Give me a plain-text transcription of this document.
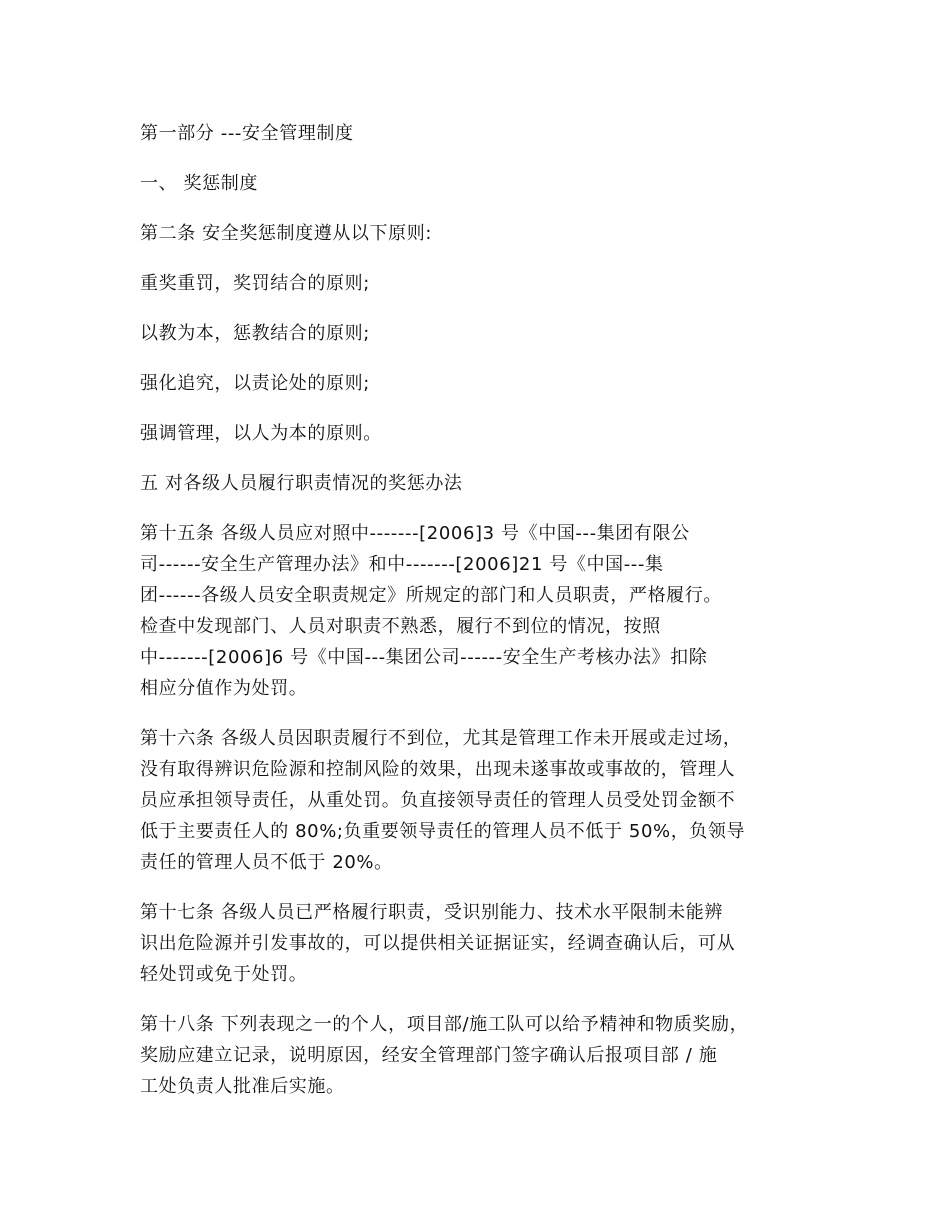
第一部分 ---安全管理制度

一、 奖惩制度

第二条 安全奖惩制度遵从以下原则:

重奖重罚，奖罚结合的原则;

以教为本，惩教结合的原则;

强化追究，以责论处的原则;

强调管理，以人为本的原则。

五 对各级人员履行职责情况的奖惩办法

第十五条 各级人员应对照中-------[2006]3 号《中国---集团有限公
司------安全生产管理办法》和中-------[2006]21 号《中国---集
团------各级人员安全职责规定》所规定的部门和人员职责，严格履行。
检查中发现部门、人员对职责不熟悉，履行不到位的情况，按照
中-------[2006]6 号《中国---集团公司------安全生产考核办法》扣除
相应分值作为处罚。

第十六条 各级人员因职责履行不到位，尤其是管理工作未开展或走过场，
没有取得辨识危险源和控制风险的效果，出现未遂事故或事故的，管理人
员应承担领导责任，从重处罚。负直接领导责任的管理人员受处罚金额不
低于主要责任人的 80%;负重要领导责任的管理人员不低于 50%，负领导
责任的管理人员不低于 20%。

第十七条 各级人员已严格履行职责，受识别能力、技术水平限制未能辨
识出危险源并引发事故的，可以提供相关证据证实，经调查确认后，可从
轻处罚或免于处罚。

第十八条 下列表现之一的个人，项目部/施工队可以给予精神和物质奖励，
奖励应建立记录，说明原因，经安全管理部门签字确认后报项目部 / 施
工处负责人批准后实施。
